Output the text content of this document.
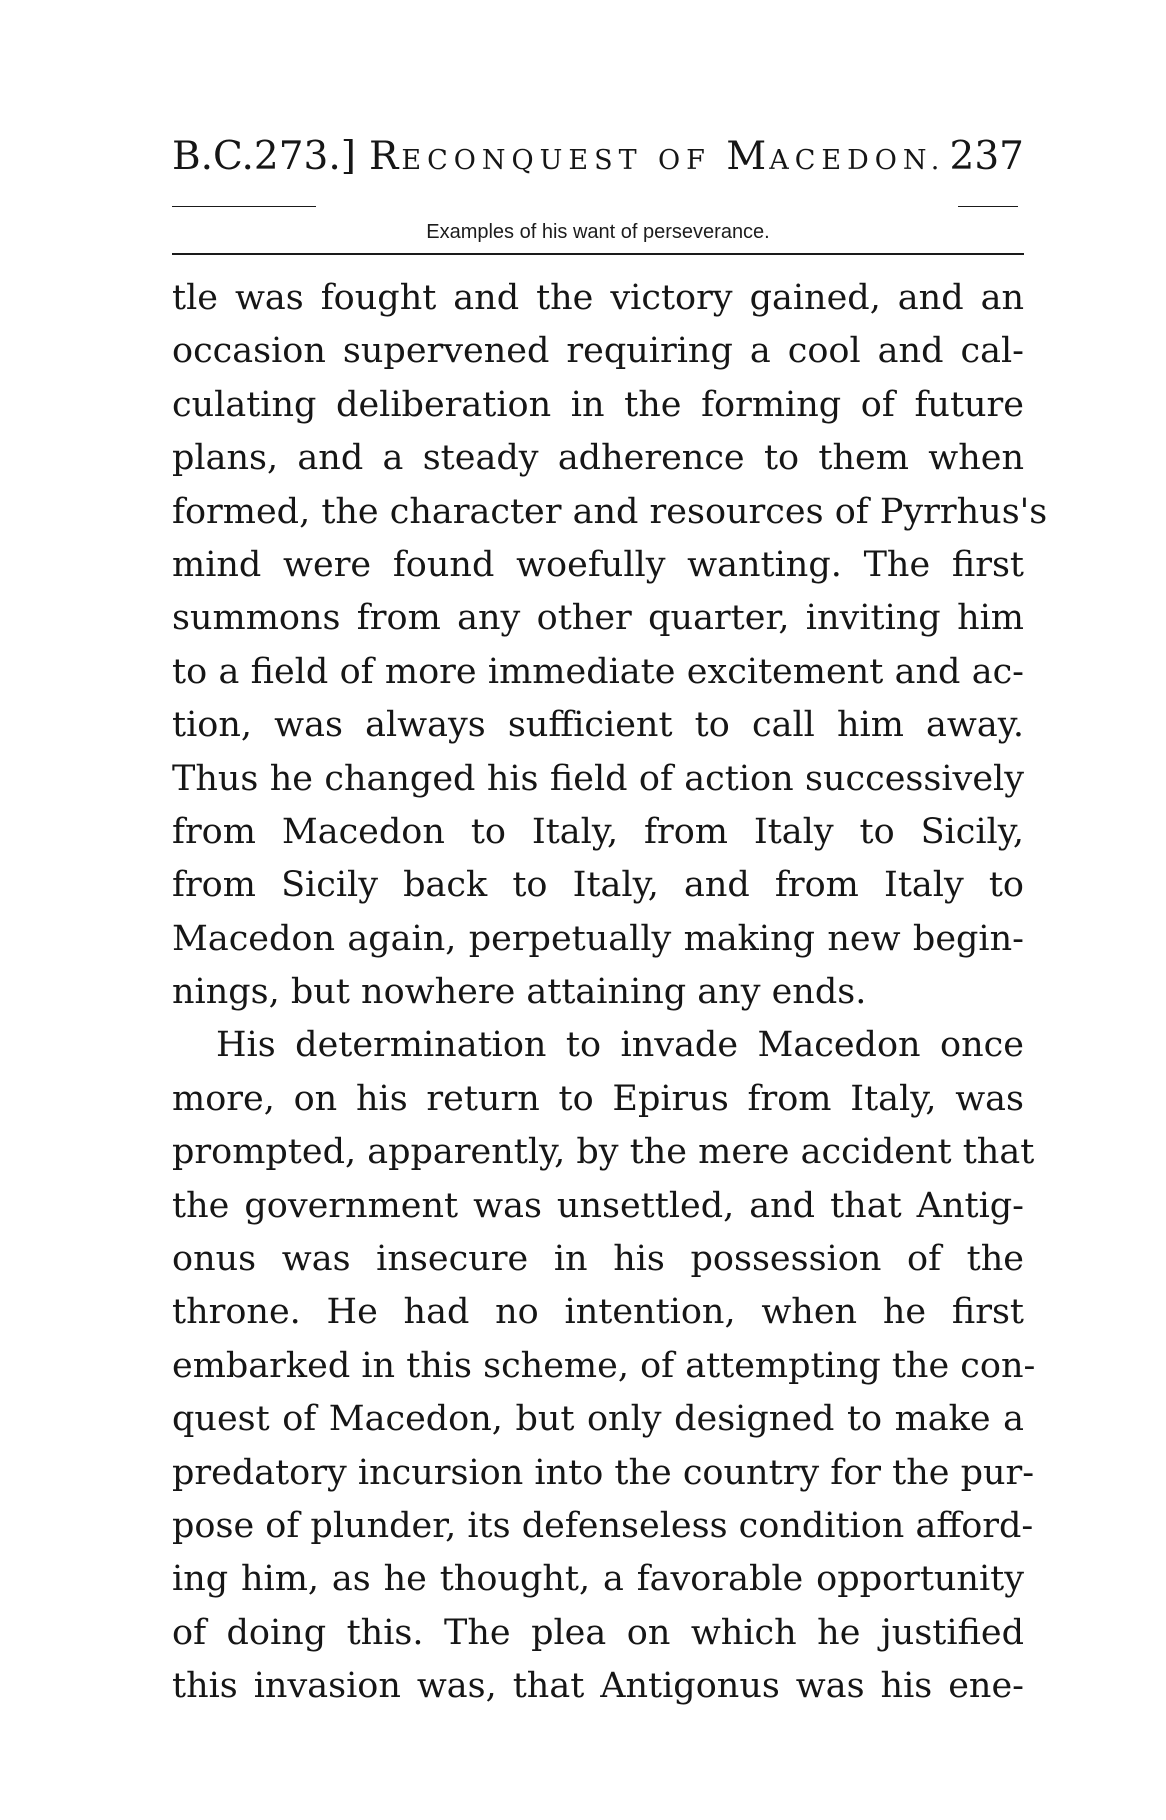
B.C.273.] RECONQUEST OF MACEDON. 237
Examples of his want of perseverance.
tle was fought and the victory gained, and an
occasion supervened requiring a cool and cal-
culating deliberation in the forming of future
plans, and a steady adherence to them when
formed, the character and resources of Pyrrhus's
mind were found woefully wanting. The first
summons from any other quarter, inviting him
to a field of more immediate excitement and ac-
tion, was always sufficient to call him away.
Thus he changed his field of action successively
from Macedon to Italy, from Italy to Sicily,
from Sicily back to Italy, and from Italy to
Macedon again, perpetually making new begin-
nings, but nowhere attaining any ends.
His determination to invade Macedon once
more, on his return to Epirus from Italy, was
prompted, apparently, by the mere accident that
the government was unsettled, and that Antig-
onus was insecure in his possession of the
throne. He had no intention, when he first
embarked in this scheme, of attempting the con-
quest of Macedon, but only designed to make a
predatory incursion into the country for the pur-
pose of plunder, its defenseless condition afford-
ing him, as he thought, a favorable opportunity
of doing this. The plea on which he justified
this invasion was, that Antigonus was his ene-
